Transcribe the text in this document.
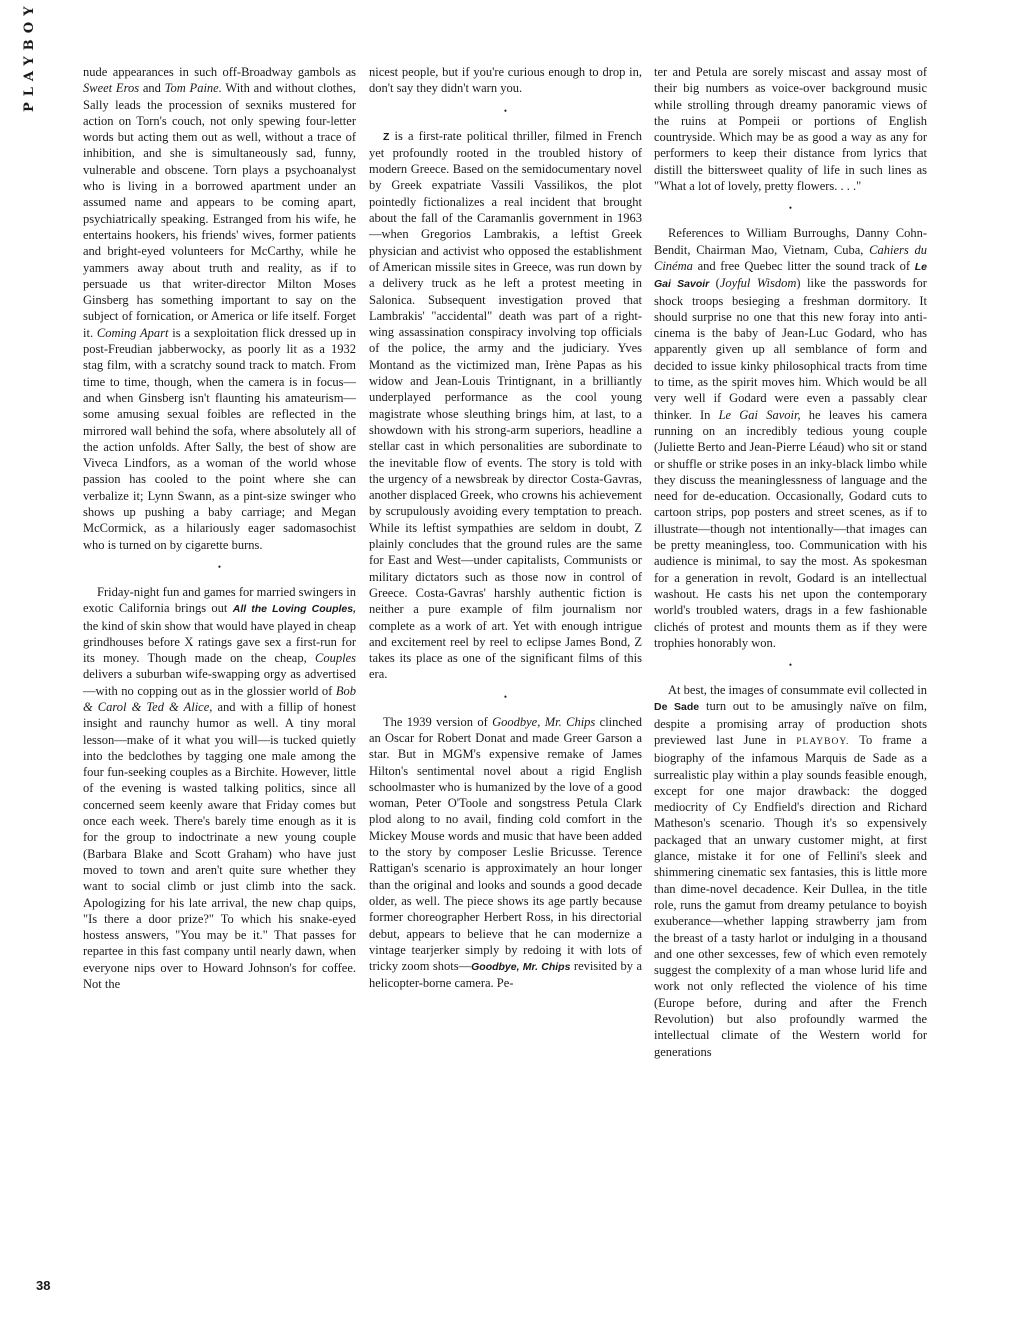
PLAYBOY	nude appearances in such off-Broadway gambols as Sweet Eros and Tom Paine. With and without clothes, Sally leads the procession of sexniks mustered for action on Torn's couch, not only spewing four-letter words but acting them out as well, without a trace of inhibition, and she is simultaneously sad, funny, vulnerable and obscene. Torn plays a psychoanalyst who is living in a borrowed apartment under an assumed name and appears to be coming apart, psychiatrically speaking. Estranged from his wife, he entertains hookers, his friends' wives, former patients and bright-eyed volunteers for McCarthy, while he yammers away about truth and reality, as if to persuade us that writer-director Milton Moses Ginsberg has something important to say on the subject of fornication, or America or life itself. Forget it. Coming Apart is a sexploitation flick dressed up in post-Freudian jabberwocky, as poorly lit as a 1932 stag film, with a scratchy sound track to match. From time to time, though, when the camera is in focus—and when Ginsberg isn't flaunting his amateurism—some amusing sexual foibles are reflected in the mirrored wall behind the sofa, where absolutely all of the action unfolds. After Sally, the best of show are Viveca Lindfors, as a woman of the world whose passion has cooled to the point where she can verbalize it; Lynn Swann, as a pint-size swinger who shows up pushing a baby carriage; and Megan McCormick, as a hilariously eager sadomasochist who is turned on by cigarette burns.

•

Friday-night fun and games for married swingers in exotic California brings out All the Loving Couples, the kind of skin show that would have played in cheap grindhouses before X ratings gave sex a first-run for its money. Though made on the cheap, Couples delivers a suburban wife-swapping orgy as advertised—with no copping out as in the glossier world of Bob & Carol & Ted & Alice, and with a fillip of honest insight and raunchy humor as well. A tiny moral lesson—make of it what you will—is tucked quietly into the bedclothes by tagging one male among the four fun-seeking couples as a Birchite. However, little of the evening is wasted talking politics, since all concerned seem keenly aware that Friday comes but once each week. There's barely time enough as it is for the group to indoctrinate a new young couple (Barbara Blake and Scott Graham) who have just moved to town and aren't quite sure whether they want to social climb or just climb into the sack. Apologizing for his late arrival, the new chap quips, "Is there a door prize?" To which his snake-eyed hostess answers, "You may be it." That passes for repartee in this fast company until nearly dawn, when everyone nips over to Howard Johnson's for coffee. Not the

nicest people, but if you're curious enough to drop in, don't say they didn't warn you.

•

Z is a first-rate political thriller, filmed in French yet profoundly rooted in the troubled history of modern Greece. Based on the semidocumentary novel by Greek expatriate Vassili Vassilikos, the plot pointedly fictionalizes a real incident that brought about the fall of the Caramanlis government in 1963—when Gregorios Lambrakis, a leftist Greek physician and activist who opposed the establishment of American missile sites in Greece, was run down by a delivery truck as he left a protest meeting in Salonica. Subsequent investigation proved that Lambrakis' "accidental" death was part of a right-wing assassination conspiracy involving top officials of the police, the army and the judiciary. Yves Montand as the victimized man, Irène Papas as his widow and Jean-Louis Trintignant, in a brilliantly underplayed performance as the cool young magistrate whose sleuthing brings him, at last, to a showdown with his strong-arm superiors, headline a stellar cast in which personalities are subordinate to the inevitable flow of events. The story is told with the urgency of a newsbreak by director Costa-Gavras, another displaced Greek, who crowns his achievement by scrupulously avoiding every temptation to preach. While its leftist sympathies are seldom in doubt, Z plainly concludes that the ground rules are the same for East and West—under capitalists, Communists or military dictators such as those now in control of Greece. Costa-Gavras' harshly authentic fiction is neither a pure example of film journalism nor complete as a work of art. Yet with enough intrigue and excitement reel by reel to eclipse James Bond, Z takes its place as one of the significant films of this era.

•

The 1939 version of Goodbye, Mr. Chips clinched an Oscar for Robert Donat and made Greer Garson a star. But in MGM's expensive remake of James Hilton's sentimental novel about a rigid English schoolmaster who is humanized by the love of a good woman, Peter O'Toole and songstress Petula Clark plod along to no avail, finding cold comfort in the Mickey Mouse words and music that have been added to the story by composer Leslie Bricusse. Terence Rattigan's scenario is approximately an hour longer than the original and looks and sounds a good decade older, as well. The piece shows its age partly because former choreographer Herbert Ross, in his directorial debut, appears to believe that he can modernize a vintage tearjerker simply by redoing it with lots of tricky zoom shots—Goodbye, Mr. Chips revisited by a helicopter-borne camera. Pe-

ter and Petula are sorely miscast and assay most of their big numbers as voice-over background music while strolling through dreamy panoramic views of the ruins at Pompeii or portions of English countryside. Which may be as good a way as any for performers to keep their distance from lyrics that distill the bittersweet quality of life in such lines as "What a lot of lovely, pretty flowers. . . ."

•

References to William Burroughs, Danny Cohn-Bendit, Chairman Mao, Vietnam, Cuba, Cahiers du Cinéma and free Quebec litter the sound track of Le Gai Savoir (Joyful Wisdom) like the passwords for shock troops besieging a freshman dormitory. It should surprise no one that this new foray into anti-cinema is the baby of Jean-Luc Godard, who has apparently given up all semblance of form and decided to issue kinky philosophical tracts from time to time, as the spirit moves him. Which would be all very well if Godard were even a passably clear thinker. In Le Gai Savoir, he leaves his camera running on an incredibly tedious young couple (Juliette Berto and Jean-Pierre Léaud) who sit or stand or shuffle or strike poses in an inky-black limbo while they discuss the meaninglessness of language and the need for de-education. Occasionally, Godard cuts to cartoon strips, pop posters and street scenes, as if to illustrate—though not intentionally—that images can be pretty meaningless, too. Communication with his audience is minimal, to say the most. As spokesman for a generation in revolt, Godard is an intellectual washout. He casts his net upon the contemporary world's troubled waters, drags in a few fashionable clichés of protest and mounts them as if they were trophies honorably won.

•

At best, the images of consummate evil collected in De Sade turn out to be amusingly naïve on film, despite a promising array of production shots previewed last June in PLAYBOY. To frame a biography of the infamous Marquis de Sade as a surrealistic play within a play sounds feasible enough, except for one major drawback: the dogged mediocrity of Cy Endfield's direction and Richard Matheson's scenario. Though it's so expensively packaged that an unwary customer might, at first glance, mistake it for one of Fellini's sleek and shimmering cinematic sex fantasies, this is little more than dime-novel decadence. Keir Dullea, in the title role, runs the gamut from dreamy petulance to boyish exuberance—whether lapping strawberry jam from the breast of a tasty harlot or indulging in a thousand and one other sexcesses, few of which even remotely suggest the complexity of a man whose lurid life and work not only reflected the violence of his time (Europe before, during and after the French Revolution) but also profoundly warmed the intellectual climate of the Western world for generations

38
